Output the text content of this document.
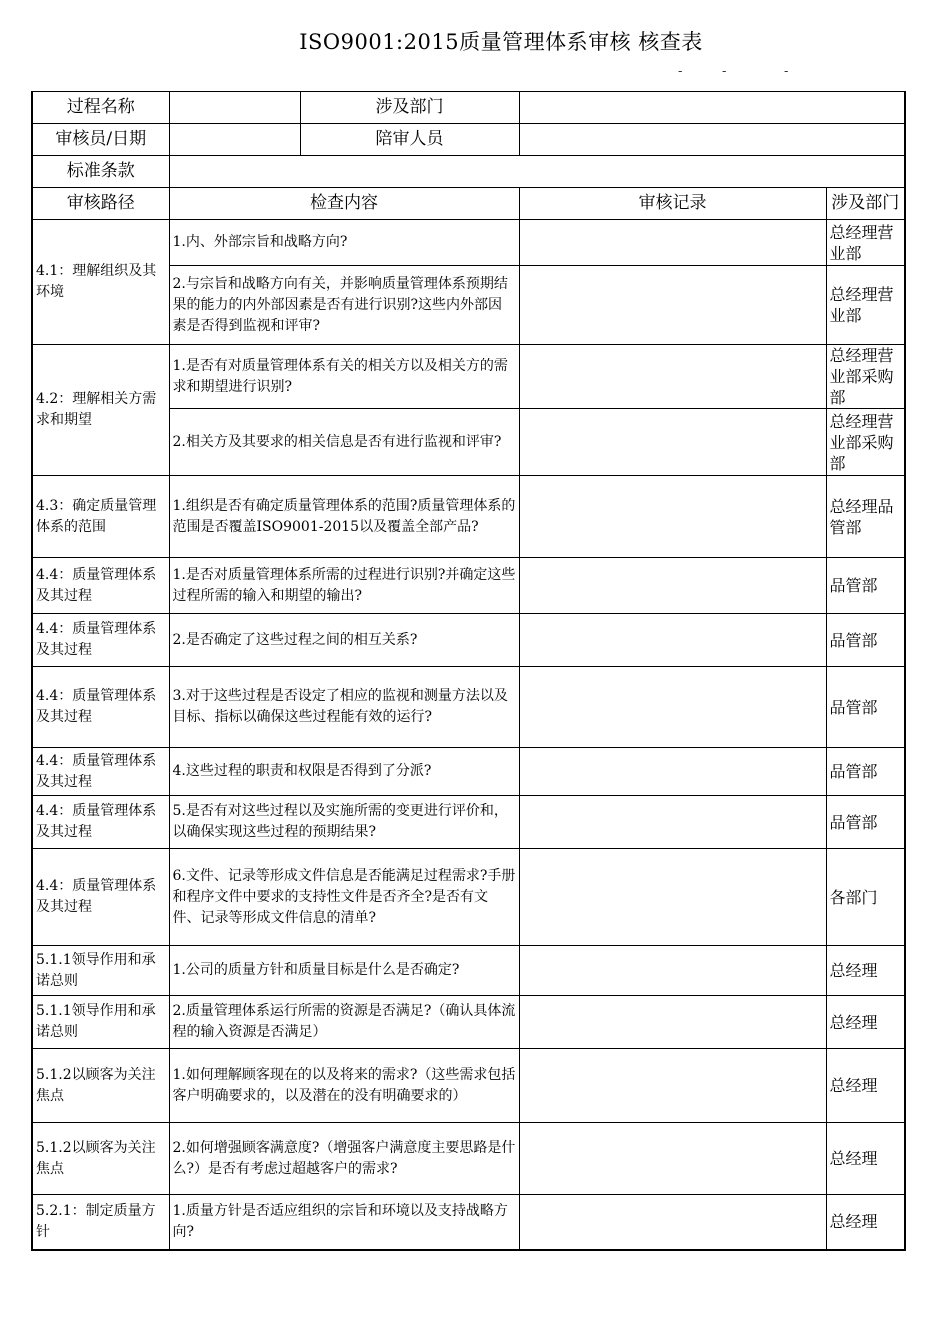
ISO9001:2015质量管理体系审核 核查表
-	-	-
过程名称		涉及部门		
审核员/日期		陪审人员		
标准条款				
审核路径	检查内容		审核记录	涉及部门
4.1：理解组织及其环境	1.内、外部宗旨和战略方向?			总经理营业部
	2.与宗旨和战略方向有关，并影响质量管理体系预期结果的能力的内外部因素是否有进行识别?这些内外部因素是否得到监视和评审?			总经理营业部
4.2：理解相关方需求和期望	1.是否有对质量管理体系有关的相关方以及相关方的需求和期望进行识别?			总经理营业部采购部
	2.相关方及其要求的相关信息是否有进行监视和评审?			总经理营业部采购部
4.3：确定质量管理体系的范围	1.组织是否有确定质量管理体系的范围?质量管理体系的范围是否覆盖ISO9001-2015以及覆盖全部产品?			总经理品管部
4.4：质量管理体系及其过程	1.是否对质量管理体系所需的过程进行识别?并确定这些过程所需的输入和期望的输出?			品管部
4.4：质量管理体系及其过程	2.是否确定了这些过程之间的相互关系?			品管部
4.4：质量管理体系及其过程	3.对于这些过程是否设定了相应的监视和测量方法以及目标、指标以确保这些过程能有效的运行?			品管部
4.4：质量管理体系及其过程	4.这些过程的职责和权限是否得到了分派?			品管部
4.4：质量管理体系及其过程	5.是否有对这些过程以及实施所需的变更进行评价和，以确保实现这些过程的预期结果?			品管部
4.4：质量管理体系及其过程	6.文件、记录等形成文件信息是否能满足过程需求?手册和程序文件中要求的支持性文件是否齐全?是否有文件、记录等形成文件信息的清单?			各部门
5.1.1领导作用和承诺总则	1.公司的质量方针和质量目标是什么是否确定?			总经理
5.1.1领导作用和承诺总则	2.质量管理体系运行所需的资源是否满足?（确认具体流程的输入资源是否满足）			总经理
5.1.2以顾客为关注焦点	1.如何理解顾客现在的以及将来的需求?（这些需求包括客户明确要求的，以及潜在的没有明确要求的）			总经理
5.1.2以顾客为关注焦点	2.如何增强顾客满意度?（增强客户满意度主要思路是什么?）是否有考虑过超越客户的需求?			总经理
5.2.1：制定质量方针	1.质量方针是否适应组织的宗旨和环境以及支持战略方向?			总经理
